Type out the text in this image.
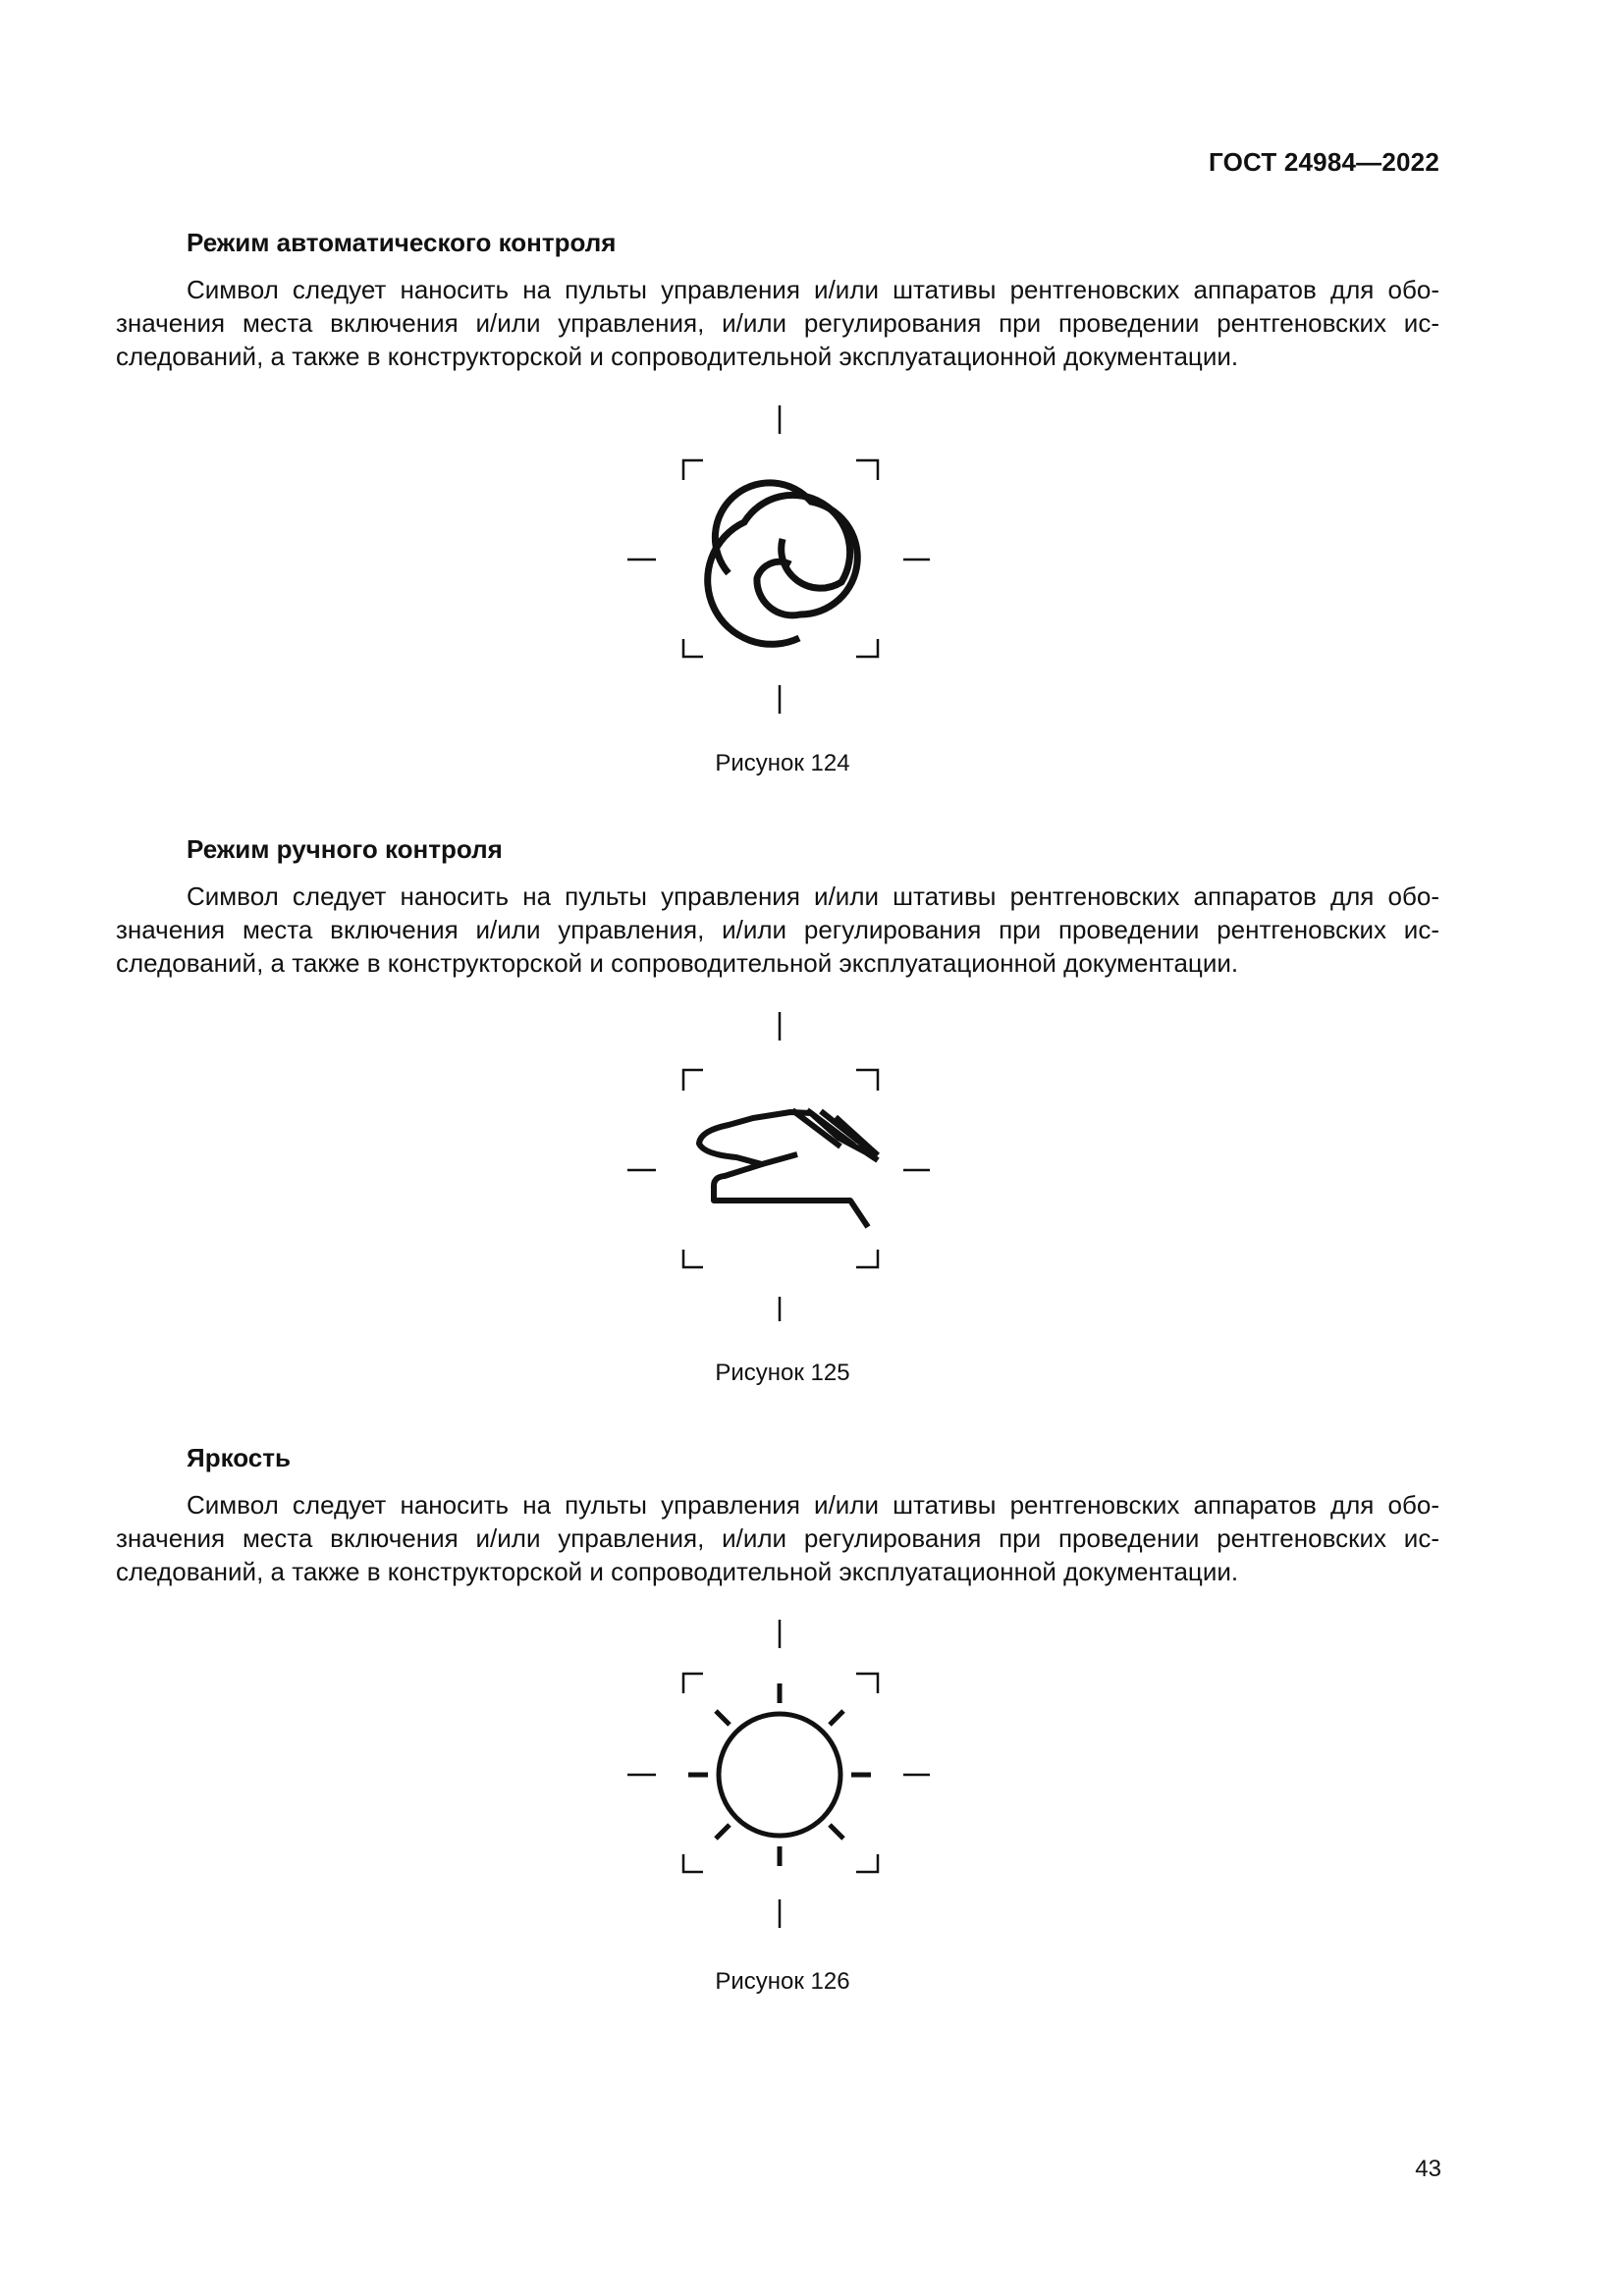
ГОСТ 24984—2022
Режим автоматического контроля
Символ следует наносить на пульты управления и/или штативы рентгеновских аппаратов для обо-
значения места включения и/или управления, и/или регулирования при проведении рентгеновских ис-
следований, а также в конструкторской и сопроводительной эксплуатационной документации.
Рисунок 124
Режим ручного контроля
Символ следует наносить на пульты управления и/или штативы рентгеновских аппаратов для обо-
значения места включения и/или управления, и/или регулирования при проведении рентгеновских ис-
следований, а также в конструкторской и сопроводительной эксплуатационной документации.
Рисунок 125
Яркость
Символ следует наносить на пульты управления и/или штативы рентгеновских аппаратов для обо-
значения места включения и/или управления, и/или регулирования при проведении рентгеновских ис-
следований, а также в конструкторской и сопроводительной эксплуатационной документации.
Рисунок 126
43
